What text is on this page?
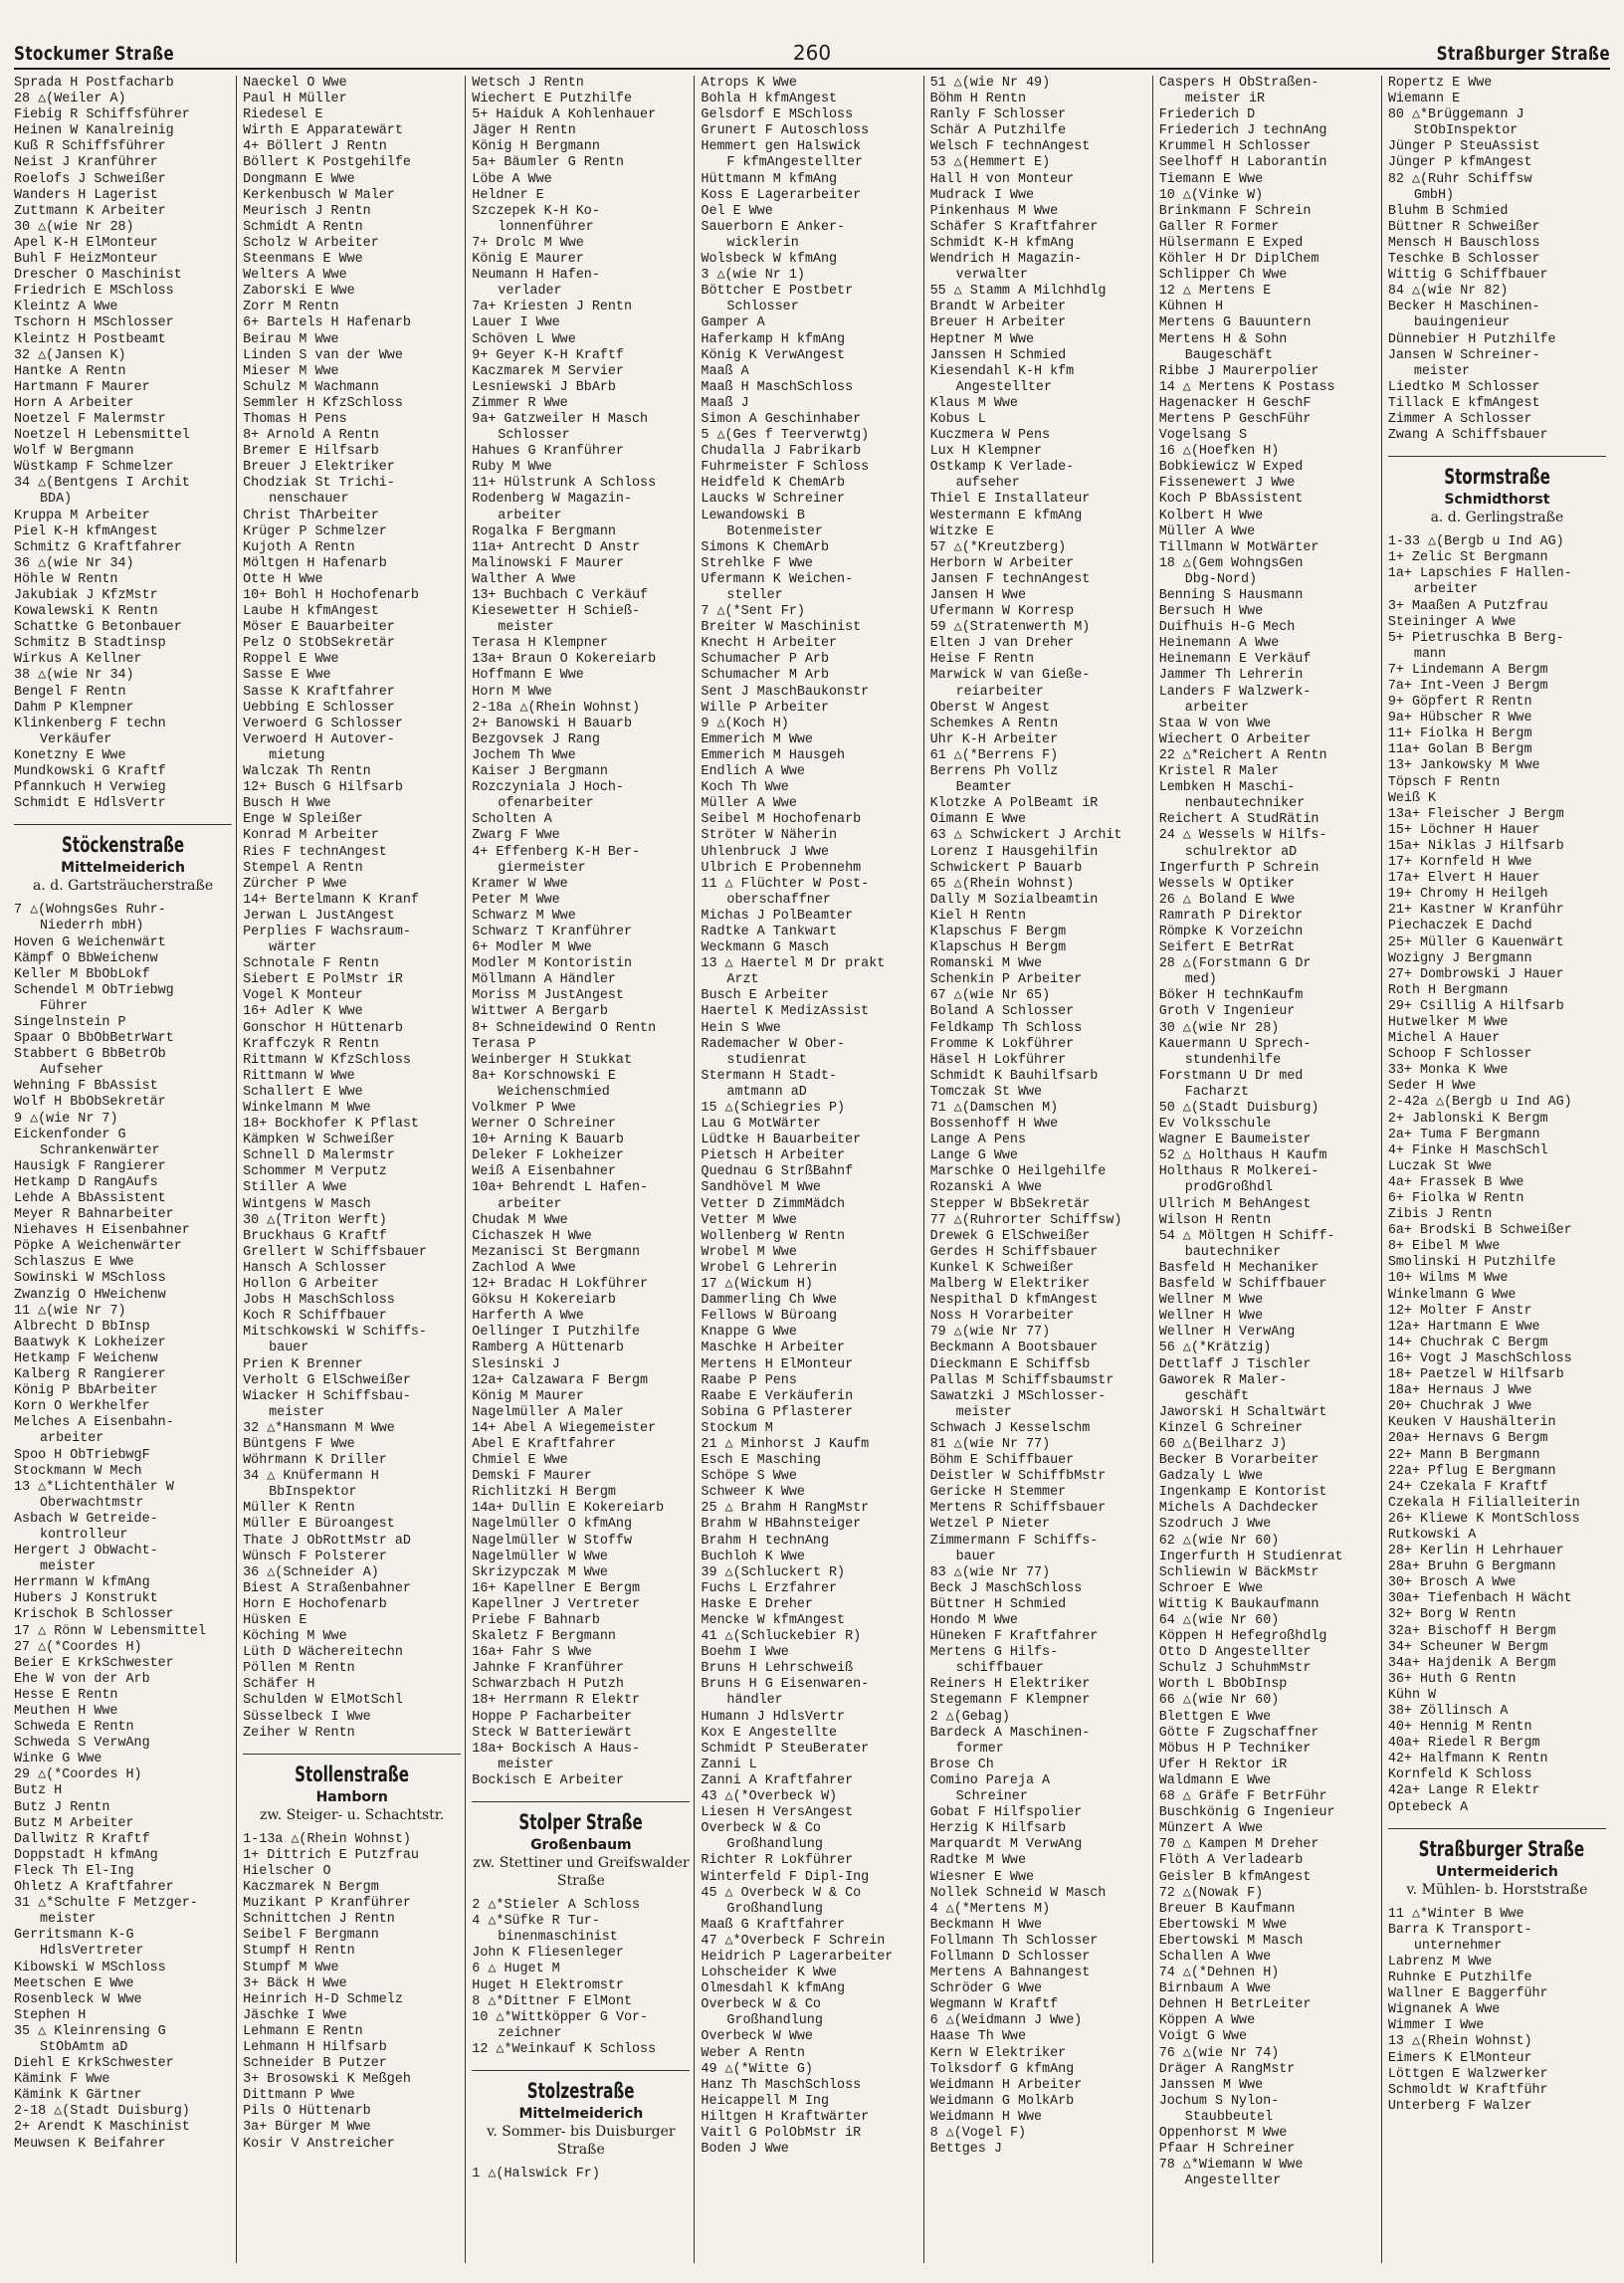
Stockumer Straße	260	Straßburger Straße
Sprada H Postfacharb
28 △(Weiler A)
Fiebig R Schiffsführer
Heinen W Kanalreinig
Kuß R Schiffsführer
Neist J Kranführer
Roelofs J Schweißer
Wanders H Lagerist
Zuttmann K Arbeiter
30 △(wie Nr 28)
Apel K-H ElMonteur
Buhl F HeizMonteur
Drescher O Maschinist
Friedrich E MSchloss
Kleintz A Wwe
Tschorn H MSchlosser
Kleintz H Postbeamt
32 △(Jansen K)
Hantke A Rentn
Hartmann F Maurer
Horn A Arbeiter
Noetzel F Malermstr
Noetzel H Lebensmittel
Wolf W Bergmann
Wüstkamp F Schmelzer
34 △(Bentgens I Archit
BDA)
Kruppa M Arbeiter
Piel K-H kfmAngest
Schmitz G Kraftfahrer
36 △(wie Nr 34)
Höhle W Rentn
Jakubiak J KfzMstr
Kowalewski K Rentn
Schattke G Betonbauer
Schmitz B Stadtinsp
Wirkus A Kellner
38 △(wie Nr 34)
Bengel F Rentn
Dahm P Klempner
Klinkenberg F techn
Verkäufer
Konetzny E Wwe
Mundkowski G Kraftf
Pfannkuch H Verwieg
Schmidt E HdlsVertr
Stöckenstraße
Mittelmeiderich
a. d. Gartsträucherstraße
7 △(WohngsGes Ruhr-
Niederrh mbH)
Hoven G Weichenwärt
Kämpf O BbWeichenw
Keller M BbObLokf
Schendel M ObTriebwg
Führer
Singelnstein P
Spaar O BbObBetrWart
Stabbert G BbBetrOb
Aufseher
Wehning F BbAssist
Wolf H BbObSekretär
9 △(wie Nr 7)
Eickenfonder G
Schrankenwärter
Hausigk F Rangierer
Hetkamp D RangAufs
Lehde A BbAssistent
Meyer R Bahnarbeiter
Niehaves H Eisenbahner
Pöpke A Weichenwärter
Schlaszus E Wwe
Sowinski W MSchloss
Zwanzig O HWeichenw
11 △(wie Nr 7)
Albrecht D BbInsp
Baatwyk K Lokheizer
Hetkamp F Weichenw
Kalberg R Rangierer
König P BbArbeiter
Korn O Werkhelfer
Melches A Eisenbahn-
arbeiter
Spoo H ObTriebwgF
Stockmann W Mech
13 △*Lichtenthäler W
Oberwachtmstr
Asbach W Getreide-
kontrolleur
Hergert J ObWacht-
meister
Herrmann W kfmAng
Hubers J Konstrukt
Krischok B Schlosser
17 △ Rönn W Lebensmittel
27 △(*Coordes H)
Beier E KrkSchwester
Ehe W von der Arb
Hesse E Rentn
Meuthen H Wwe
Schweda E Rentn
Schweda S VerwAng
Winke G Wwe
29 △(*Coordes H)
Butz H
Butz J Rentn
Butz M Arbeiter
Dallwitz R Kraftf
Doppstadt H kfmAng
Fleck Th El-Ing
Ohletz A Kraftfahrer
31 △*Schulte F Metzger-
meister
Gerritsmann K-G
HdlsVertreter
Kibowski W MSchloss
Meetschen E Wwe
Rosenbleck W Wwe
Stephen H
35 △ Kleinrensing G
StObAmtm aD
Diehl E KrkSchwester
Kämink F Wwe
Kämink K Gärtner
2-18 △(Stadt Duisburg)
2+ Arendt K Maschinist
Meuwsen K Beifahrer
Naeckel O Wwe
Paul H Müller
Riedesel E
Wirth E Apparatewärt
4+ Böllert J Rentn
Böllert K Postgehilfe
Dongmann E Wwe
Kerkenbusch W Maler
Meurisch J Rentn
Schmidt A Rentn
Scholz W Arbeiter
Steenmans E Wwe
Welters A Wwe
Zaborski E Wwe
Zorr M Rentn
6+ Bartels H Hafenarb
Beirau M Wwe
Linden S van der Wwe
Mieser M Wwe
Schulz M Wachmann
Semmler H KfzSchloss
Thomas H Pens
8+ Arnold A Rentn
Bremer E Hilfsarb
Breuer J Elektriker
Chodziak St Trichi-
nenschauer
Christ ThArbeiter
Krüger P Schmelzer
Kujoth A Rentn
Möltgen H Hafenarb
Otte H Wwe
10+ Bohl H Hochofenarb
Laube H kfmAngest
Möser E Bauarbeiter
Pelz O StObSekretär
Roppel E Wwe
Sasse E Wwe
Sasse K Kraftfahrer
Uebbing E Schlosser
Verwoerd G Schlosser
Verwoerd H Autover-
mietung
Walczak Th Rentn
12+ Busch G Hilfsarb
Busch H Wwe
Enge W Spleißer
Konrad M Arbeiter
Ries F technAngest
Stempel A Rentn
Zürcher P Wwe
14+ Bertelmann K Kranf
Jerwan L JustAngest
Perplies F Wachsraum-
wärter
Schnotale F Rentn
Siebert E PolMstr iR
Vogel K Monteur
16+ Adler K Wwe
Gonschor H Hüttenarb
Kraffczyk R Rentn
Rittmann W KfzSchloss
Rittmann W Wwe
Schallert E Wwe
Winkelmann M Wwe
18+ Bockhofer K Pflast
Kämpken W Schweißer
Schnell D Malermstr
Schommer M Verputz
Stiller A Wwe
Wintgens W Masch
30 △(Triton Werft)
Bruckhaus G Kraftf
Grellert W Schiffsbauer
Hansch A Schlosser
Hollon G Arbeiter
Jobs H MaschSchloss
Koch R Schiffbauer
Mitschkowski W Schiffs-
bauer
Prien K Brenner
Verholt G ElSchweißer
Wiacker H Schiffsbau-
meister
32 △*Hansmann M Wwe
Büntgens F Wwe
Wöhrmann K Driller
34 △ Knüfermann H
BbInspektor
Müller K Rentn
Müller E Büroangest
Thate J ObRottMstr aD
Wünsch F Polsterer
36 △(Schneider A)
Biest A Straßenbahner
Horn E Hochofenarb
Hüsken E
Köching M Wwe
Lüth D Wächereitechn
Pöllen M Rentn
Schäfer H
Schulden W ElMotSchl
Süsselbeck I Wwe
Zeiher W Rentn
Stollenstraße
Hamborn
zw. Steiger- u. Schachtstr.
1-13a △(Rhein Wohnst)
1+ Dittrich E Putzfrau
Hielscher O
Kaczmarek N Bergm
Muzikant P Kranführer
Schnittchen J Rentn
Seibel F Bergmann
Stumpf H Rentn
Stumpf M Wwe
3+ Bäck H Wwe
Heinrich H-D Schmelz
Jäschke I Wwe
Lehmann E Rentn
Lehmann H Hilfsarb
Schneider B Putzer
3+ Brosowski K Meßgeh
Dittmann P Wwe
Pils O Hüttenarb
3a+ Bürger M Wwe
Kosir V Anstreicher
Wetsch J Rentn
Wiechert E Putzhilfe
5+ Haiduk A Kohlenhauer
Jäger H Rentn
König H Bergmann
5a+ Bäumler G Rentn
Löbe A Wwe
Heldner E
Szczepek K-H Ko-
lonnenführer
7+ Drolc M Wwe
König E Maurer
Neumann H Hafen-
verlader
7a+ Kriesten J Rentn
Lauer I Wwe
Schöven L Wwe
9+ Geyer K-H Kraftf
Kaczmarek M Servier
Lesniewski J BbArb
Zimmer R Wwe
9a+ Gatzweiler H Masch
Schlosser
Hahues G Kranführer
Ruby M Wwe
11+ Hülstrunk A Schloss
Rodenberg W Magazin-
arbeiter
Rogalka F Bergmann
11a+ Antrecht D Anstr
Malinowski F Maurer
Walther A Wwe
13+ Buchbach C Verkäuf
Kiesewetter H Schieß-
meister
Terasa H Klempner
13a+ Braun O Kokereiarb
Hoffmann E Wwe
Horn M Wwe
2-18a △(Rhein Wohnst)
2+ Banowski H Bauarb
Bezgovsek J Rang
Jochem Th Wwe
Kaiser J Bergmann
Rozczyniala J Hoch-
ofenarbeiter
Scholten A
Zwarg F Wwe
4+ Effenberg K-H Ber-
giermeister
Kramer W Wwe
Peter M Wwe
Schwarz M Wwe
Schwarz T Kranführer
6+ Modler M Wwe
Modler M Kontoristin
Möllmann A Händler
Moriss M JustAngest
Wittwer A Bergarb
8+ Schneidewind O Rentn
Terasa P
Weinberger H Stukkat
8a+ Korschnowski E
Weichenschmied
Volkmer P Wwe
Werner O Schreiner
10+ Arning K Bauarb
Deleker F Lokheizer
Weiß A Eisenbahner
10a+ Behrendt L Hafen-
arbeiter
Chudak M Wwe
Cichaszek H Wwe
Mezanisci St Bergmann
Zachlod A Wwe
12+ Bradac H Lokführer
Göksu H Kokereiarb
Harferth A Wwe
Oellinger I Putzhilfe
Ramberg A Hüttenarb
Slesinski J
12a+ Calzawara F Bergm
König M Maurer
Nagelmüller A Maler
14+ Abel A Wiegemeister
Abel E Kraftfahrer
Chmiel E Wwe
Demski F Maurer
Richlitzki H Bergm
14a+ Dullin E Kokereiarb
Nagelmüller O kfmAng
Nagelmüller W Stoffw
Nagelmüller W Wwe
Skrizypczak M Wwe
16+ Kapellner E Bergm
Kapellner J Vertreter
Priebe F Bahnarb
Skaletz F Bergmann
16a+ Fahr S Wwe
Jahnke F Kranführer
Schwarzbach H Putzh
18+ Herrmann R Elektr
Hoppe P Facharbeiter
Steck W Batteriewärt
18a+ Bockisch A Haus-
meister
Bockisch E Arbeiter
Stolper Straße
Großenbaum
zw. Stettiner und Greifswalder Straße
2 △*Stieler A Schloss
4 △*Süfke R Tur-
binenmaschinist
John K Fliesenleger
6 △ Huget M
Huget H Elektromstr
8 △*Dittner F ElMont
10 △*Wittköpper G Vor-
zeichner
12 △*Weinkauf K Schloss
Stolzestraße
Mittelmeiderich
v. Sommer- bis Duisburger Straße
1 △(Halswick Fr)
Atrops K Wwe
Bohla H kfmAngest
Gelsdorf E MSchloss
Grunert F Autoschloss
Hemmert gen Halswick
F kfmAngestellter
Hüttmann M kfmAng
Koss E Lagerarbeiter
Oel E Wwe
Sauerborn E Anker-
wicklerin
Wolsbeck W kfmAng
3 △(wie Nr 1)
Böttcher E Postbetr
Schlosser
Gamper A
Haferkamp H kfmAng
König K VerwAngest
Maaß A
Maaß H MaschSchloss
Maaß J
Simon A Geschinhaber
5 △(Ges f Teerverwtg)
Chudalla J Fabrikarb
Fuhrmeister F Schloss
Heidfeld K ChemArb
Laucks W Schreiner
Lewandowski B
Botenmeister
Simons K ChemArb
Strehlke F Wwe
Ufermann K Weichen-
steller
7 △(*Sent Fr)
Breiter W Maschinist
Knecht H Arbeiter
Schumacher P Arb
Schumacher M Arb
Sent J MaschBaukonstr
Wille P Arbeiter
9 △(Koch H)
Emmerich M Wwe
Emmerich M Hausgeh
Endlich A Wwe
Koch Th Wwe
Müller A Wwe
Seibel M Hochofenarb
Ströter W Näherin
Uhlenbruck J Wwe
Ulbrich E Probennehm
11 △ Flüchter W Post-
oberschaffner
Michas J PolBeamter
Radtke A Tankwart
Weckmann G Masch
13 △ Haertel M Dr prakt
Arzt
Busch E Arbeiter
Haertel K MedizAssist
Hein S Wwe
Rademacher W Ober-
studienrat
Stermann H Stadt-
amtmann aD
15 △(Schiegries P)
Lau G MotWärter
Lüdtke H Bauarbeiter
Pietsch H Arbeiter
Quednau G StrßBahnf
Sandhövel M Wwe
Vetter D ZimmMädch
Vetter M Wwe
Wollenberg W Rentn
Wrobel M Wwe
Wrobel G Lehrerin
17 △(Wickum H)
Dammerling Ch Wwe
Fellows W Büroang
Knappe G Wwe
Maschke H Arbeiter
Mertens H ElMonteur
Raabe P Pens
Raabe E Verkäuferin
Sobina G Pflasterer
Stockum M
21 △ Minhorst J Kaufm
Esch E Masching
Schöpe S Wwe
Schweer K Wwe
25 △ Brahm H RangMstr
Brahm W HBahnsteiger
Brahm H technAng
Buchloh K Wwe
39 △(Schluckert R)
Fuchs L Erzfahrer
Haske E Dreher
Mencke W kfmAngest
41 △(Schluckebier R)
Boehm I Wwe
Bruns H Lehrschweiß
Bruns H G Eisenwaren-
händler
Humann J HdlsVertr
Kox E Angestellte
Schmidt P SteuBerater
Zanni L
Zanni A Kraftfahrer
43 △(*Overbeck W)
Liesen H VersAngest
Overbeck W & Co
Großhandlung
Richter R Lokführer
Winterfeld F Dipl-Ing
45 △ Overbeck W & Co
Großhandlung
Maaß G Kraftfahrer
47 △*Overbeck F Schrein
Heidrich P Lagerarbeiter
Lohscheider K Wwe
Olmesdahl K kfmAng
Overbeck W & Co
Großhandlung
Overbeck W Wwe
Weber A Rentn
49 △(*Witte G)
Hanz Th MaschSchloss
Heicappell M Ing
Hiltgen H Kraftwärter
Vaitl G PolObMstr iR
Boden J Wwe
51 △(wie Nr 49)
Böhm H Rentn
Ranly F Schlosser
Schär A Putzhilfe
Welsch F technAngest
53 △(Hemmert E)
Hall H von Monteur
Mudrack I Wwe
Pinkenhaus M Wwe
Schäfer S Kraftfahrer
Schmidt K-H kfmAng
Wendrich H Magazin-
verwalter
55 △ Stamm A Milchhdlg
Brandt W Arbeiter
Breuer H Arbeiter
Heptner M Wwe
Janssen H Schmied
Kiesendahl K-H kfm
Angestellter
Klaus M Wwe
Kobus L
Kuczmera W Pens
Lux H Klempner
Ostkamp K Verlade-
aufseher
Thiel E Installateur
Westermann E kfmAng
Witzke E
57 △(*Kreutzberg)
Herborn W Arbeiter
Jansen F technAngest
Jansen H Wwe
Ufermann W Korresp
59 △(Stratenwerth M)
Elten J van Dreher
Heise F Rentn
Marwick W van Gieße-
reiarbeiter
Oberst W Angest
Schemkes A Rentn
Uhr K-H Arbeiter
61 △(*Berrens F)
Berrens Ph Vollz
Beamter
Klotzke A PolBeamt iR
Oimann E Wwe
63 △ Schwickert J Archit
Lorenz I Hausgehilfin
Schwickert P Bauarb
65 △(Rhein Wohnst)
Dally M Sozialbeamtin
Kiel H Rentn
Klapschus F Bergm
Klapschus H Bergm
Romanski M Wwe
Schenkin P Arbeiter
67 △(wie Nr 65)
Boland A Schlosser
Feldkamp Th Schloss
Fromme K Lokführer
Häsel H Lokführer
Schmidt K Bauhilfsarb
Tomczak St Wwe
71 △(Damschen M)
Bossenhoff H Wwe
Lange A Pens
Lange G Wwe
Marschke O Heilgehilfe
Rozanski A Wwe
Stepper W BbSekretär
77 △(Ruhrorter Schiffsw)
Drewek G ElSchweißer
Gerdes H Schiffsbauer
Kunkel K Schweißer
Malberg W Elektriker
Nespithal D kfmAngest
Noss H Vorarbeiter
79 △(wie Nr 77)
Beckmann A Bootsbauer
Dieckmann E Schiffsb
Pallas M Schiffsbaumstr
Sawatzki J MSchlosser-
meister
Schwach J Kesselschm
81 △(wie Nr 77)
Böhm E Schiffbauer
Deistler W SchiffbMstr
Gericke H Stemmer
Mertens R Schiffsbauer
Wetzel P Nieter
Zimmermann F Schiffs-
bauer
83 △(wie Nr 77)
Beck J MaschSchloss
Büttner H Schmied
Hondo M Wwe
Hüneken F Kraftfahrer
Mertens G Hilfs-
schiffbauer
Reiners H Elektriker
Stegemann F Klempner
2 △(Gebag)
Bardeck A Maschinen-
former
Brose Ch
Comino Pareja A
Schreiner
Gobat F Hilfspolier
Herzig K Hilfsarb
Marquardt M VerwAng
Radtke M Wwe
Wiesner E Wwe
Nollek Schneid W Masch
4 △(*Mertens M)
Beckmann H Wwe
Follmann Th Schlosser
Follmann D Schlosser
Mertens A Bahnangest
Schröder G Wwe
Wegmann W Kraftf
6 △(Weidmann J Wwe)
Haase Th Wwe
Kern W Elektriker
Tolksdorf G kfmAng
Weidmann H Arbeiter
Weidmann G MolkArb
Weidmann H Wwe
8 △(Vogel F)
Bettges J
Caspers H ObStraßen-
meister iR
Friederich D
Friederich J technAng
Krummel H Schlosser
Seelhoff H Laborantin
Tiemann E Wwe
10 △(Vinke W)
Brinkmann F Schrein
Galler R Former
Hülsermann E Exped
Köhler H Dr DiplChem
Schlipper Ch Wwe
12 △ Mertens E
Kühnen H
Mertens G Bauuntern
Mertens H & Sohn
Baugeschäft
Ribbe J Maurerpolier
14 △ Mertens K Postass
Hagenacker H GeschF
Mertens P GeschFühr
Vogelsang S
16 △(Hoefken H)
Bobkiewicz W Exped
Fissenewert J Wwe
Koch P BbAssistent
Kolbert H Wwe
Müller A Wwe
Tillmann W MotWärter
18 △(Gem WohngsGen
Dbg-Nord)
Benning S Hausmann
Bersuch H Wwe
Duifhuis H-G Mech
Heinemann A Wwe
Heinemann E Verkäuf
Jammer Th Lehrerin
Landers F Walzwerk-
arbeiter
Staa W von Wwe
Wiechert O Arbeiter
22 △*Reichert A Rentn
Kristel R Maler
Lembken H Maschi-
nenbautechniker
Reichert A StudRätin
24 △ Wessels W Hilfs-
schulrektor aD
Ingerfurth P Schrein
Wessels W Optiker
26 △ Boland E Wwe
Ramrath P Direktor
Römpke K Vorzeichn
Seifert E BetrRat
28 △(Forstmann G Dr
med)
Böker H technKaufm
Groth V Ingenieur
30 △(wie Nr 28)
Kauermann U Sprech-
stundenhilfe
Forstmann U Dr med
Facharzt
50 △(Stadt Duisburg)
Ev Volksschule
Wagner E Baumeister
52 △ Holthaus H Kaufm
Holthaus R Molkerei-
prodGroßhdl
Ullrich M BehAngest
Wilson H Rentn
54 △ Möltgen H Schiff-
bautechniker
Basfeld H Mechaniker
Basfeld W Schiffbauer
Wellner M Wwe
Wellner H Wwe
Wellner H VerwAng
56 △(*Krätzig)
Dettlaff J Tischler
Gaworek R Maler-
geschäft
Jaworski H Schaltwärt
Kinzel G Schreiner
60 △(Beilharz J)
Becker B Vorarbeiter
Gadzaly L Wwe
Ingenkamp E Kontorist
Michels A Dachdecker
Szodruch J Wwe
62 △(wie Nr 60)
Ingerfurth H Studienrat
Schliewin W BäckMstr
Schroer E Wwe
Wittig K Baukaufmann
64 △(wie Nr 60)
Köppen H Hefegroßhdlg
Otto D Angestellter
Schulz J SchuhmMstr
Worth L BbObInsp
66 △(wie Nr 60)
Blettgen E Wwe
Götte F Zugschaffner
Möbus H P Techniker
Ufer H Rektor iR
Waldmann E Wwe
68 △ Gräfe F BetrFühr
Buschkönig G Ingenieur
Münzert A Wwe
70 △ Kampen M Dreher
Flöth A Verladearb
Geisler B kfmAngest
72 △(Nowak F)
Breuer B Kaufmann
Ebertowski M Wwe
Ebertowski M Masch
Schallen A Wwe
74 △(*Dehnen H)
Birnbaum A Wwe
Dehnen H BetrLeiter
Köppen A Wwe
Voigt G Wwe
76 △(wie Nr 74)
Dräger A RangMstr
Janssen M Wwe
Jochum S Nylon-
Staubbeutel
Oppenhorst M Wwe
Pfaar H Schreiner
78 △*Wiemann W Wwe
Angestellter
Ropertz E Wwe
Wiemann E
80 △*Brüggemann J
StObInspektor
Jünger P SteuAssist
Jünger P kfmAngest
82 △(Ruhr Schiffsw
GmbH)
Bluhm B Schmied
Büttner R Schweißer
Mensch H Bauschloss
Teschke B Schlosser
Wittig G Schiffbauer
84 △(wie Nr 82)
Becker H Maschinen-
bauingenieur
Dünnebier H Putzhilfe
Jansen W Schreiner-
meister
Liedtko M Schlosser
Tillack E kfmAngest
Zimmer A Schlosser
Zwang A Schiffsbauer
Stormstraße
Schmidthorst
a. d. Gerlingstraße
1-33 △(Bergb u Ind AG)
1+ Zelic St Bergmann
1a+ Lapschies F Hallen-
arbeiter
3+ Maaßen A Putzfrau
Steininger A Wwe
5+ Pietruschka B Berg-
mann
7+ Lindemann A Bergm
7a+ Int-Veen J Bergm
9+ Göpfert R Rentn
9a+ Hübscher R Wwe
11+ Fiolka H Bergm
11a+ Golan B Bergm
13+ Jankowsky M Wwe
Töpsch F Rentn
Weiß K
13a+ Fleischer J Bergm
15+ Löchner H Hauer
15a+ Niklas J Hilfsarb
17+ Kornfeld H Wwe
17a+ Elvert H Hauer
19+ Chromy H Heilgeh
21+ Kastner W Kranführ
Piechaczek E Dachd
25+ Müller G Kauenwärt
Wozigny J Bergmann
27+ Dombrowski J Hauer
Roth H Bergmann
29+ Csillig A Hilfsarb
Hutwelker M Wwe
Michel A Hauer
Schoop F Schlosser
33+ Monka K Wwe
Seder H Wwe
2-42a △(Bergb u Ind AG)
2+ Jablonski K Bergm
2a+ Tuma F Bergmann
4+ Finke H MaschSchl
Luczak St Wwe
4a+ Frassek B Wwe
6+ Fiolka W Rentn
Zibis J Rentn
6a+ Brodski B Schweißer
8+ Eibel M Wwe
Smolinski H Putzhilfe
10+ Wilms M Wwe
Winkelmann G Wwe
12+ Molter F Anstr
12a+ Hartmann E Wwe
14+ Chuchrak C Bergm
16+ Vogt J MaschSchloss
18+ Paetzel W Hilfsarb
18a+ Hernaus J Wwe
20+ Chuchrak J Wwe
Keuken V Haushälterin
20a+ Hernavs G Bergm
22+ Mann B Bergmann
22a+ Pflug E Bergmann
24+ Czekala F Kraftf
Czekala H Filialleiterin
26+ Kliewe K MontSchloss
Rutkowski A
28+ Kerlin H Lehrhauer
28a+ Bruhn G Bergmann
30+ Brosch A Wwe
30a+ Tiefenbach H Wächt
32+ Borg W Rentn
32a+ Bischoff H Bergm
34+ Scheuner W Bergm
34a+ Hajdenik A Bergm
36+ Huth G Rentn
Kühn W
38+ Zöllinsch A
40+ Hennig M Rentn
40a+ Riedel R Bergm
42+ Halfmann K Rentn
Kornfeld K Schloss
42a+ Lange R Elektr
Optebeck A
Straßburger Straße
Untermeiderich
v. Mühlen- b. Horststraße
11 △*Winter B Wwe
Barra K Transport-
unternehmer
Labrenz M Wwe
Ruhnke E Putzhilfe
Wallner E Baggerführ
Wignanek A Wwe
Wimmer I Wwe
13 △(Rhein Wohnst)
Eimers K ElMonteur
Löttgen E Walzwerker
Schmoldt W Kraftführ
Unterberg F Walzer
